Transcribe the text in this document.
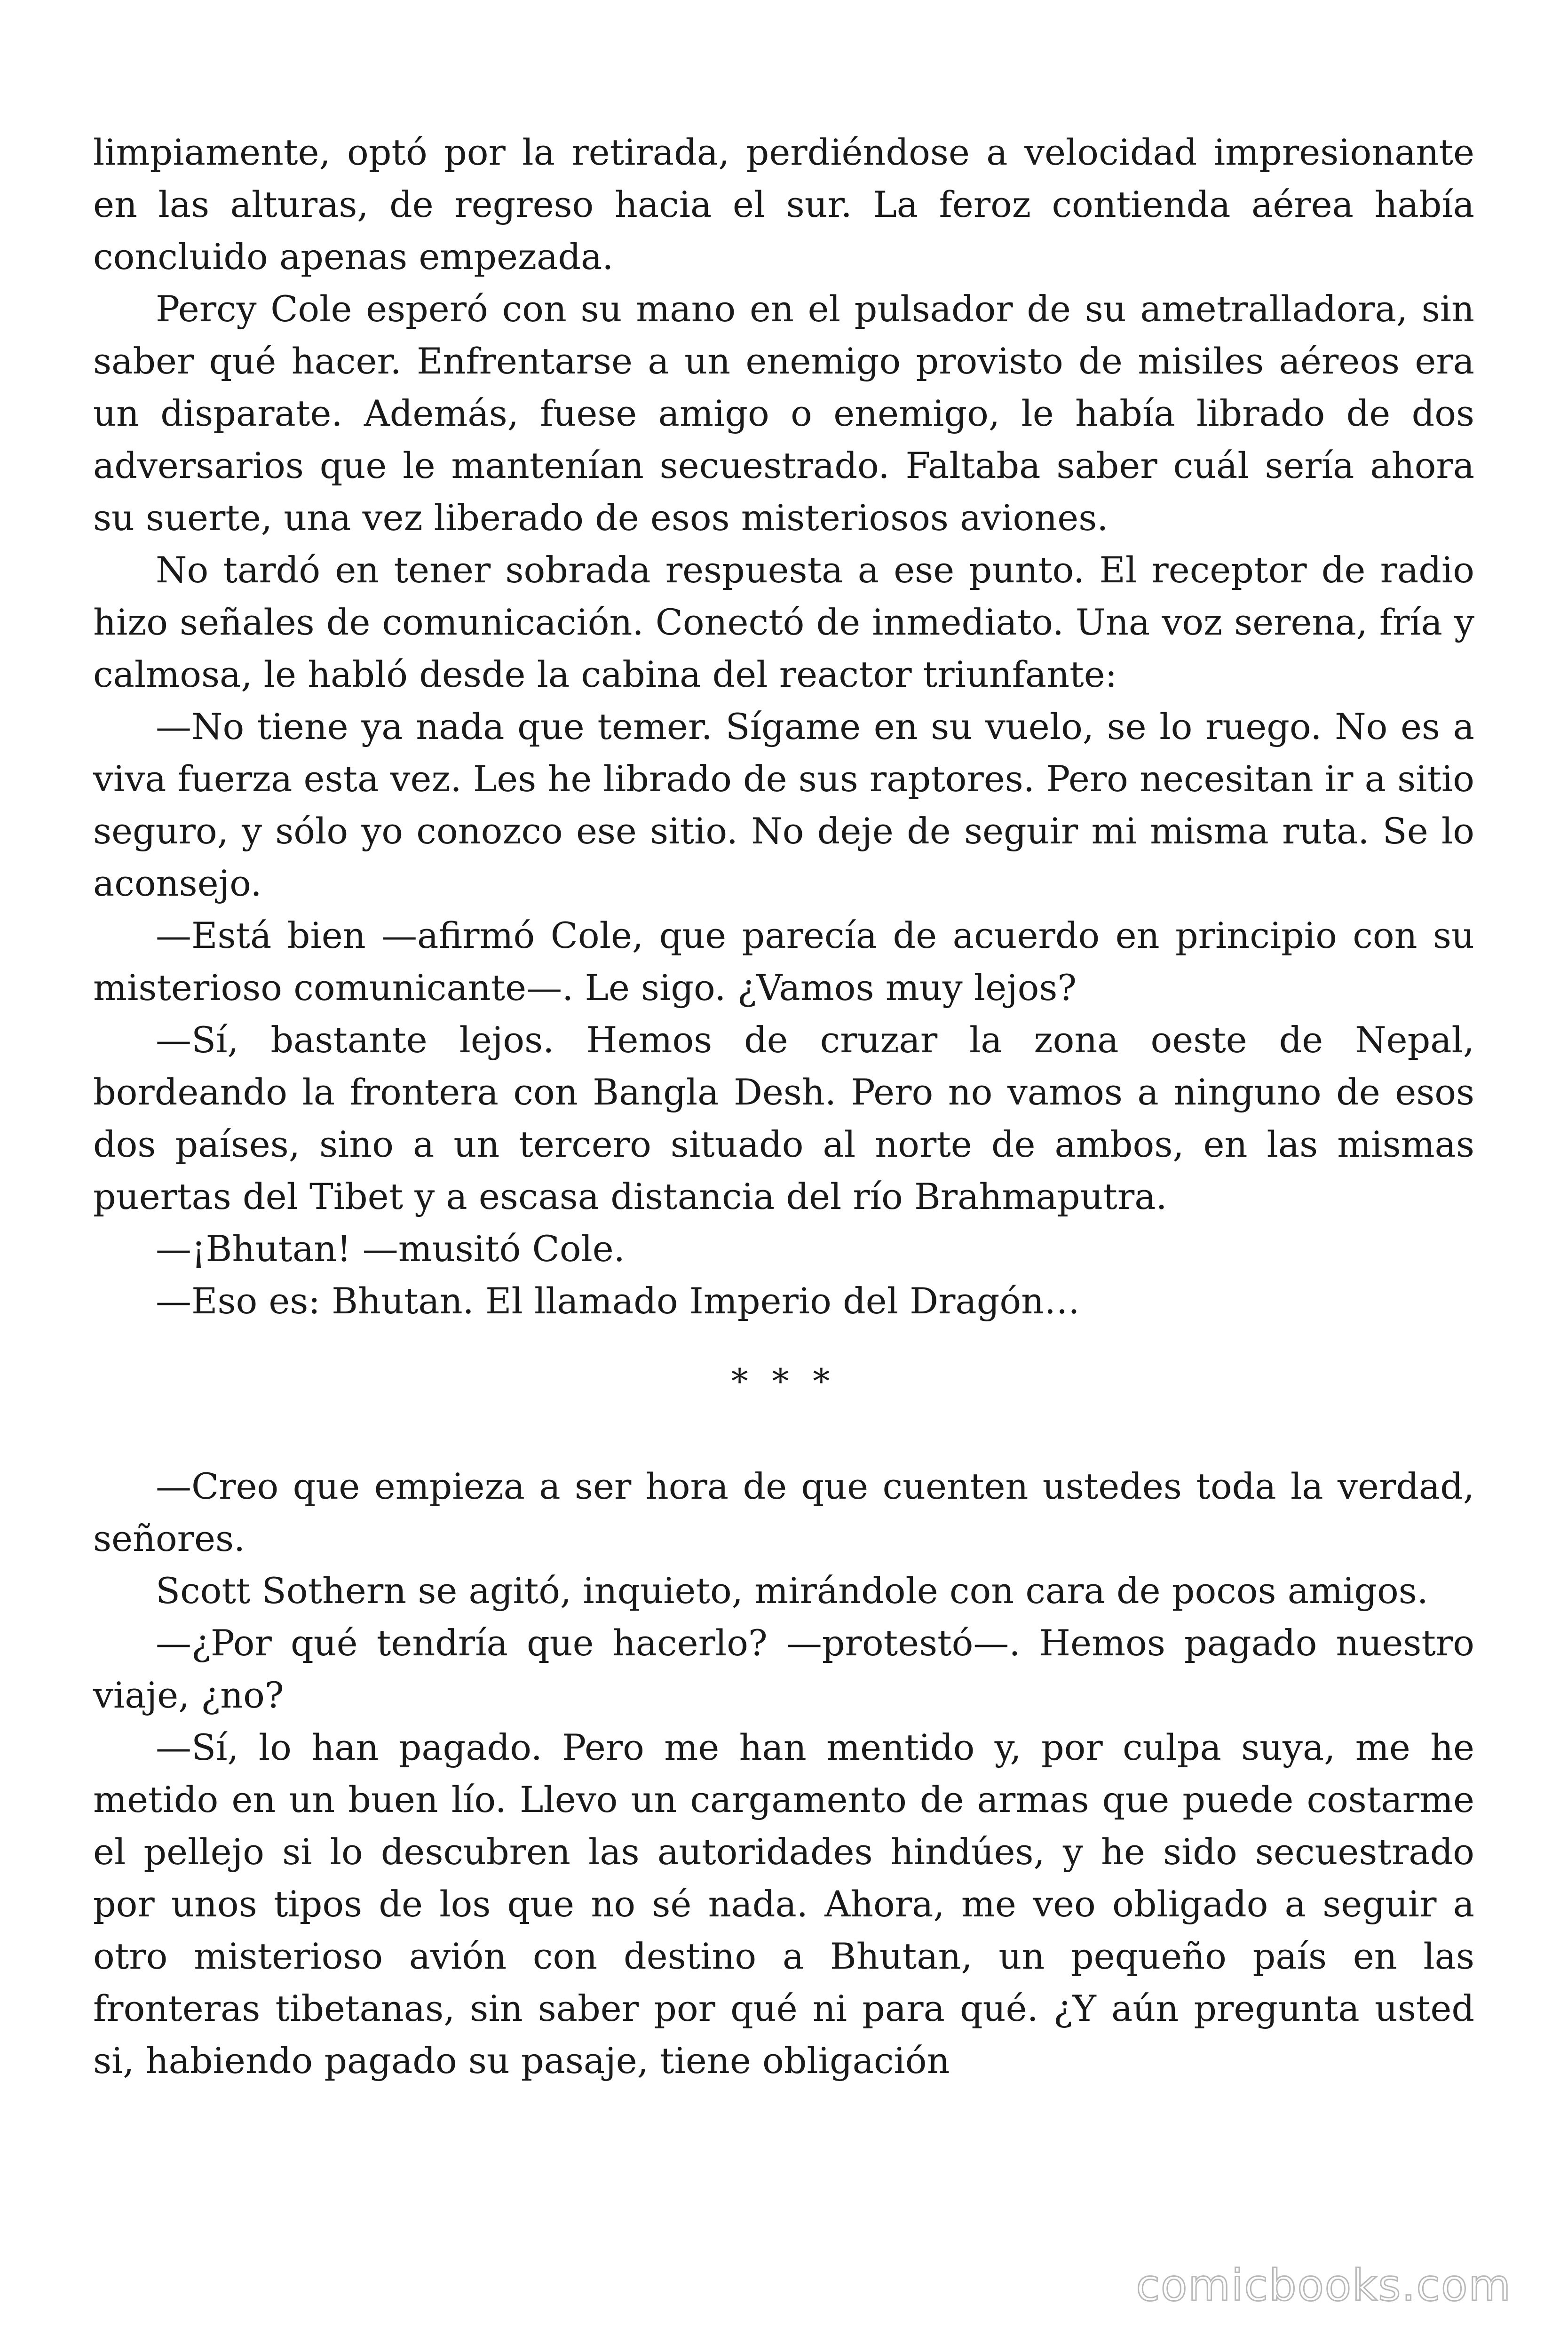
limpiamente, optó por la retirada, perdiéndose a velocidad impresionante en las alturas, de regreso hacia el sur. La feroz contienda aérea había concluido apenas empezada.

Percy Cole esperó con su mano en el pulsador de su ametralladora, sin saber qué hacer. Enfrentarse a un enemigo provisto de misiles aéreos era un disparate. Además, fuese amigo o enemigo, le había librado de dos adversarios que le mantenían secuestrado. Faltaba saber cuál sería ahora su suerte, una vez liberado de esos misteriosos aviones.

No tardó en tener sobrada respuesta a ese punto. El receptor de radio hizo señales de comunicación. Conectó de inmediato. Una voz serena, fría y calmosa, le habló desde la cabina del reactor triunfante:

—No tiene ya nada que temer. Sígame en su vuelo, se lo ruego. No es a viva fuerza esta vez. Les he librado de sus raptores. Pero necesitan ir a sitio seguro, y sólo yo conozco ese sitio. No deje de seguir mi misma ruta. Se lo aconsejo.

—Está bien —afirmó Cole, que parecía de acuerdo en principio con su misterioso comunicante—. Le sigo. ¿Vamos muy lejos?

—Sí, bastante lejos. Hemos de cruzar la zona oeste de Nepal, bordeando la frontera con Bangla Desh. Pero no vamos a ninguno de esos dos países, sino a un tercero situado al norte de ambos, en las mismas puertas del Tibet y a escasa distancia del río Brahmaputra.

—¡Bhutan! —musitó Cole.

—Eso es: Bhutan. El llamado Imperio del Dragón…

* * *

—Creo que empieza a ser hora de que cuenten ustedes toda la verdad, señores.

Scott Sothern se agitó, inquieto, mirándole con cara de pocos amigos.

—¿Por qué tendría que hacerlo? —protestó—. Hemos pagado nuestro viaje, ¿no?

—Sí, lo han pagado. Pero me han mentido y, por culpa suya, me he metido en un buen lío. Llevo un cargamento de armas que puede costarme el pellejo si lo descubren las autoridades hindúes, y he sido secuestrado por unos tipos de los que no sé nada. Ahora, me veo obligado a seguir a otro misterioso avión con destino a Bhutan, un pequeño país en las fronteras tibetanas, sin saber por qué ni para qué. ¿Y aún pregunta usted si, habiendo pagado su pasaje, tiene obligación

comicbooks.com
